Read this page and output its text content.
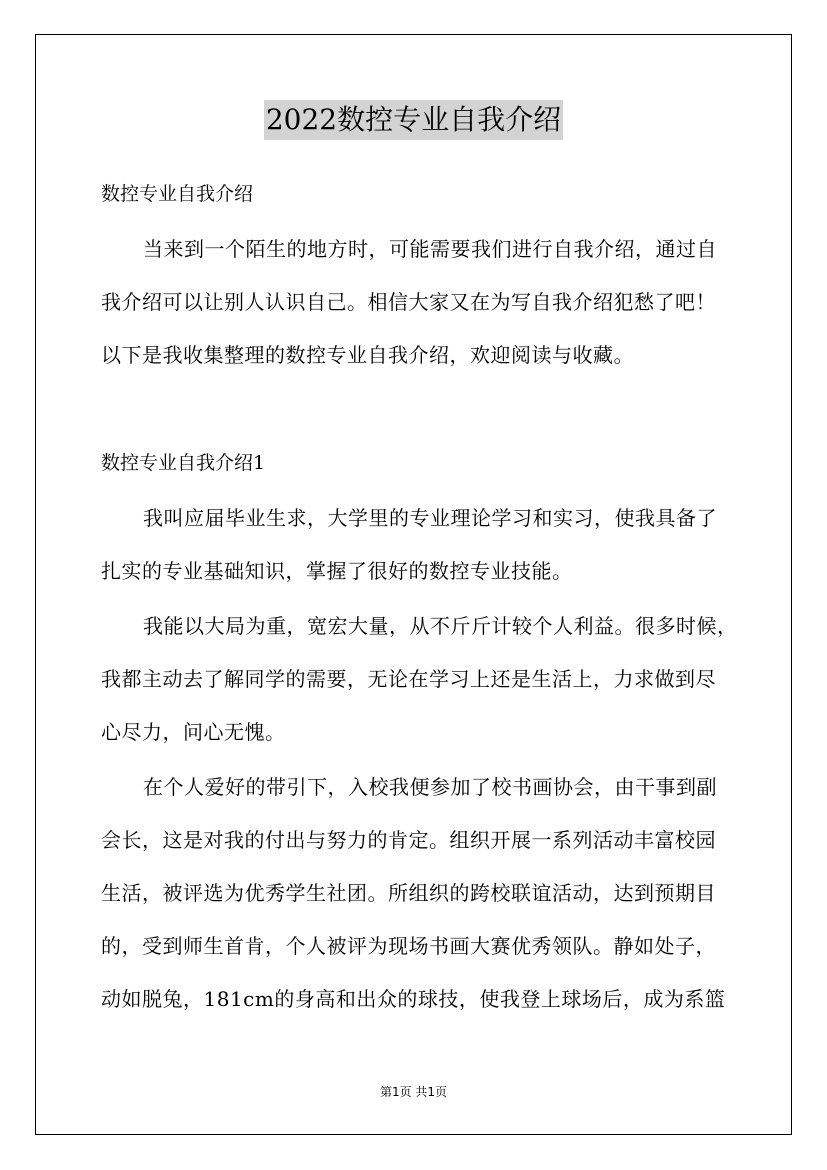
2022数控专业自我介绍
数控专业自我介绍
当来到一个陌生的地方时，可能需要我们进行自我介绍，通过自
我介绍可以让别人认识自己。相信大家又在为写自我介绍犯愁了吧！
以下是我收集整理的数控专业自我介绍，欢迎阅读与收藏。
数控专业自我介绍1
我叫应届毕业生求，大学里的专业理论学习和实习，使我具备了
扎实的专业基础知识，掌握了很好的数控专业技能。
我能以大局为重，宽宏大量，从不斤斤计较个人利益。很多时候，
我都主动去了解同学的需要，无论在学习上还是生活上，力求做到尽
心尽力，问心无愧。
在个人爱好的带引下，入校我便参加了校书画协会，由干事到副
会长，这是对我的付出与努力的肯定。组织开展一系列活动丰富校园
生活，被评选为优秀学生社团。所组织的跨校联谊活动，达到预期目
的，受到师生首肯，个人被评为现场书画大赛优秀领队。静如处子，
动如脱兔，181cm的身高和出众的球技，使我登上球场后，成为系篮
第1页 共1页
